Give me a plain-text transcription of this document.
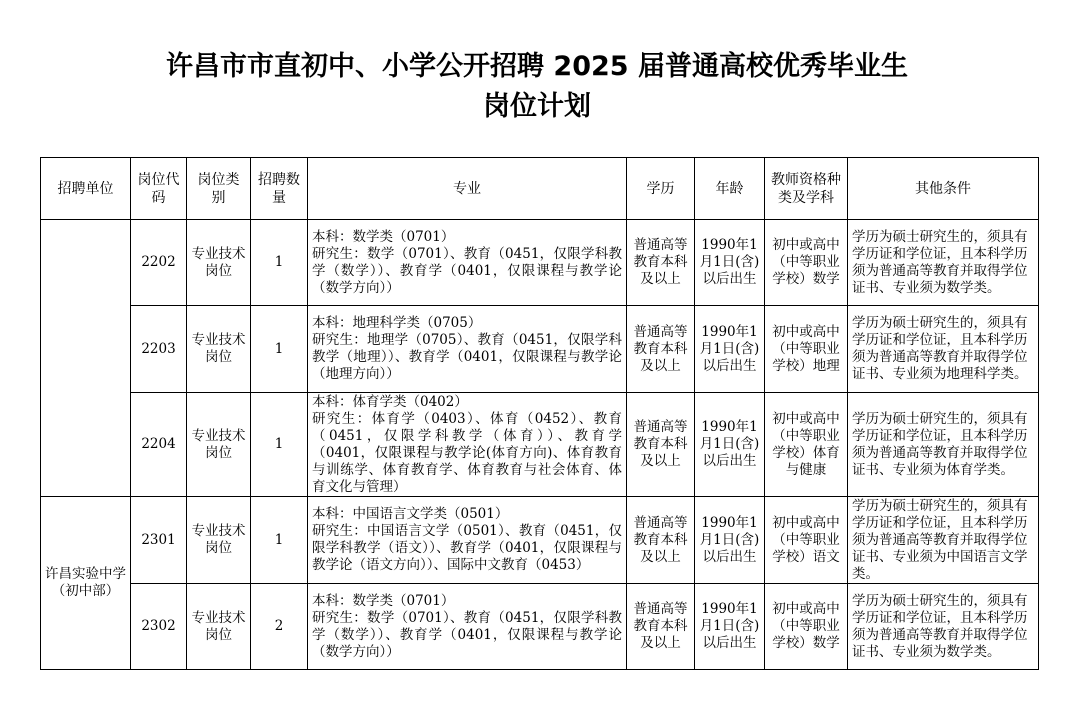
许昌市市直初中、小学公开招聘 2025 届普通高校优秀毕业生
岗位计划
招聘单位	岗位代码	岗位类别	招聘数量	专业	学历	年龄	教师资格种类及学科	其他条件
	2202	专业技术岗位	1	本科：数学类（0701）
研究生：数学（0701）、教育（0451，仅限学科教学（数学））、教育学（0401，仅限课程与教学论（数学方向））	普通高等教育本科及以上	1990年1月1日(含)以后出生	初中或高中（中等职业学校）数学	学历为硕士研究生的，须具有学历证和学位证，且本科学历须为普通高等教育并取得学位证书、专业须为数学类。
	2203	专业技术岗位	1	本科：地理科学类（0705）
研究生：地理学（0705）、教育（0451，仅限学科教学（地理））、教育学（0401，仅限课程与教学论（地理方向））	普通高等教育本科及以上	1990年1月1日(含)以后出生	初中或高中（中等职业学校）地理	学历为硕士研究生的，须具有学历证和学位证，且本科学历须为普通高等教育并取得学位证书、专业须为地理科学类。
	2204	专业技术岗位	1	本科：体育学类（0402）
研究生：体育学（0403）、体育（0452）、教育（0451，仅限学科教学（体育））、教育学（0401，仅限课程与教学论(体育方向)、体育教育与训练学、体育教育学、体育教育与社会体育、体育文化与管理）	普通高等教育本科及以上	1990年1月1日(含)以后出生	初中或高中（中等职业学校）体育与健康	学历为硕士研究生的，须具有学历证和学位证，且本科学历须为普通高等教育并取得学位证书、专业须为体育学类。
许昌实验中学（初中部）	2301	专业技术岗位	1	本科：中国语言文学类（0501）
研究生：中国语言文学（0501）、教育（0451，仅限学科教学（语文））、教育学（0401，仅限课程与教学论（语文方向））、国际中文教育（0453）	普通高等教育本科及以上	1990年1月1日(含)以后出生	初中或高中（中等职业学校）语文	学历为硕士研究生的，须具有学历证和学位证，且本科学历须为普通高等教育并取得学位证书、专业须为中国语言文学类。
	2302	专业技术岗位	2	本科：数学类（0701）
研究生：数学（0701）、教育（0451，仅限学科教学（数学））、教育学（0401，仅限课程与教学论（数学方向））	普通高等教育本科及以上	1990年1月1日(含)以后出生	初中或高中（中等职业学校）数学	学历为硕士研究生的，须具有学历证和学位证，且本科学历须为普通高等教育并取得学位证书、专业须为数学类。
